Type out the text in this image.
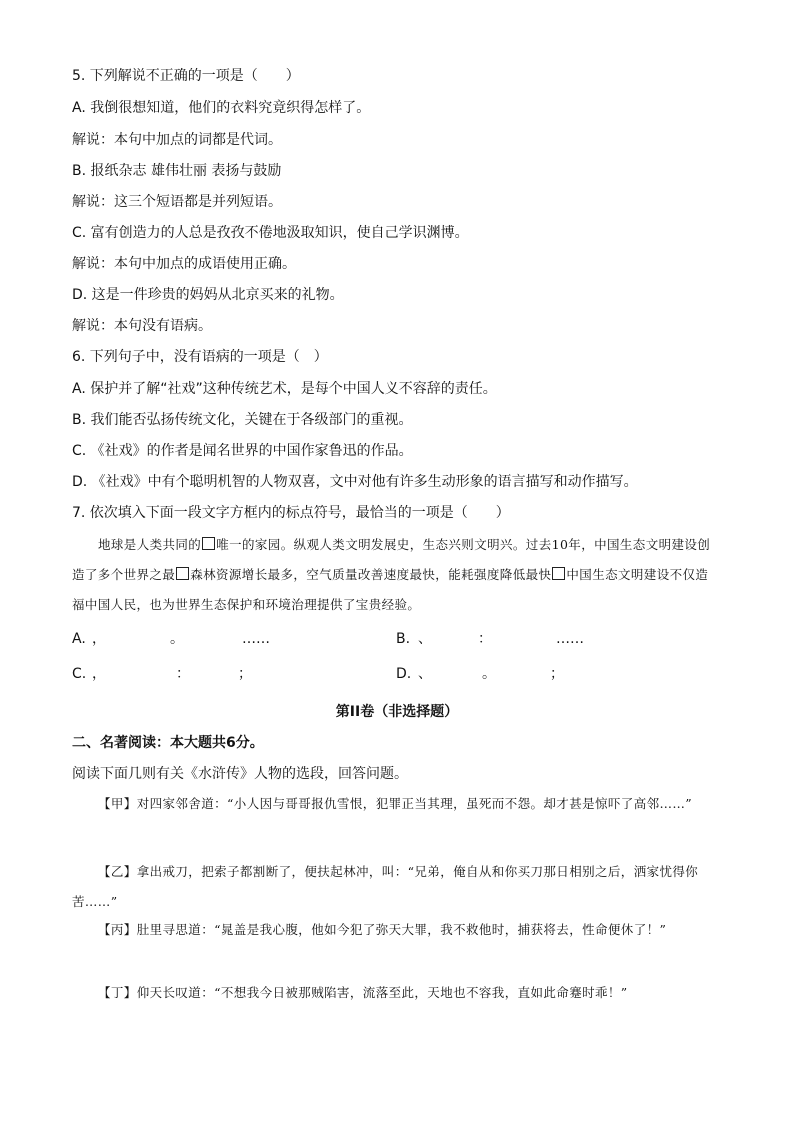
5. 下列解说不正确的一项是（　　）
A. 我倒很想知道，他们的衣料究竟织得怎样了。
解说：本句中加点的词都是代词。
B. 报纸杂志 雄伟壮丽 表扬与鼓励
解说：这三个短语都是并列短语。
C. 富有创造力的人总是孜孜不倦地汲取知识，使自己学识渊博。
解说：本句中加点的成语使用正确。
D. 这是一件珍贵的妈妈从北京买来的礼物。
解说：本句没有语病。
6. 下列句子中，没有语病的一项是（　）
A. 保护并了解“社戏”这种传统艺术，是每个中国人义不容辞的责任。
B. 我们能否弘扬传统文化，关键在于各级部门的重视。
C. 《社戏》的作者是闻名世界的中国作家鲁迅的作品。
D. 《社戏》中有个聪明机智的人物双喜，文中对他有许多生动形象的语言描写和动作描写。
7. 依次填入下面一段文字方框内的标点符号，最恰当的一项是（　　）
地球是人类共同的 唯一的家园。纵观人类文明发展史，生态兴则文明兴。过去10年，中国生态文明建设创造了多个世界之最 森林资源增长最多，空气质量改善速度最快，能耗强度降低最快 中国生态文明建设不仅造福中国人民，也为世界生态保护和环境治理提供了宝贵经验。
A. ，	。	……	B. 、	：	……
C. ，	：	；	D. 、	。	；
第II卷（非选择题）
二、名著阅读：本大题共6分。
阅读下面几则有关《水浒传》人物的选段，回答问题。
【甲】对四家邻舍道：“小人因与哥哥报仇雪恨，犯罪正当其理，虽死而不怨。却才甚是惊吓了高邻……”
【乙】拿出戒刀，把索子都割断了，便扶起林冲，叫：“兄弟，俺自从和你买刀那日相别之后，洒家忧得你苦……”
【丙】肚里寻思道：“晁盖是我心腹，他如今犯了弥天大罪，我不救他时，捕获将去，性命便休了！”
【丁】仰天长叹道：“不想我今日被那贼陷害，流落至此，天地也不容我，直如此命蹇时乖！”
